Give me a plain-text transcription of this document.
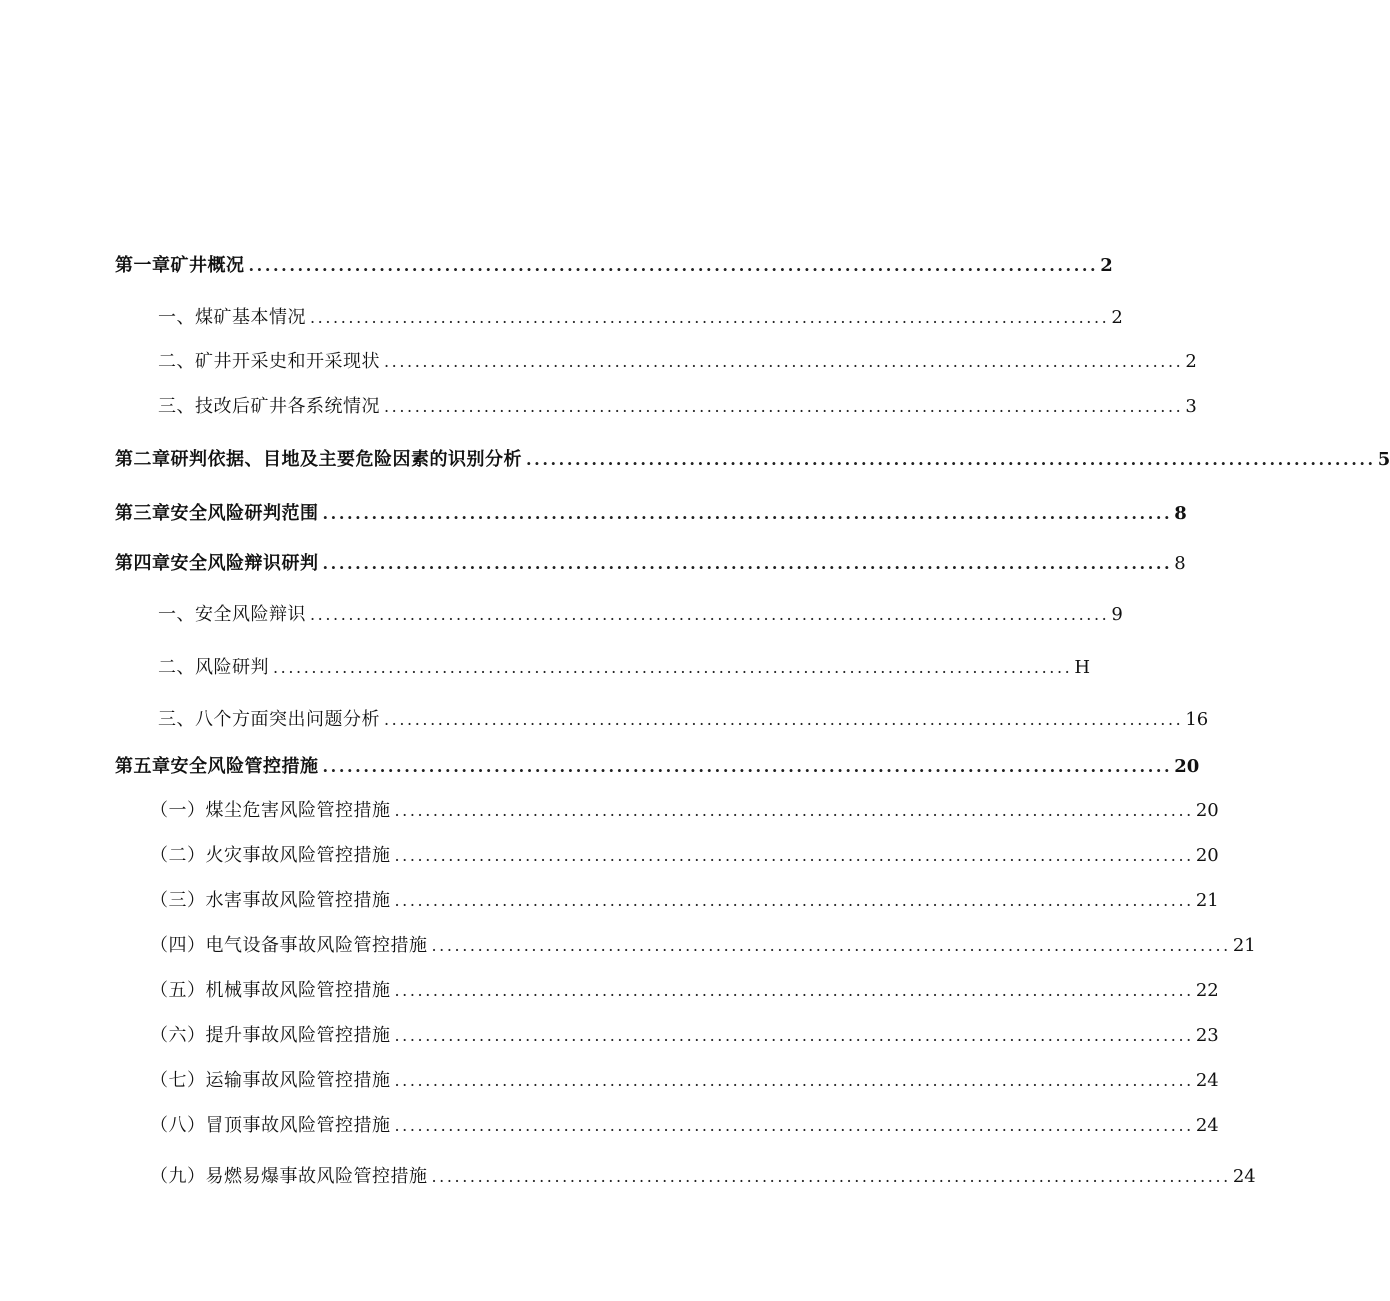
第一章矿井概况 ........................................................................................................ 2
一、煤矿基本情况 ........................................................................................................ 2
二、矿井开采史和开采现状 ........................................................................................................ 2
三、技改后矿井各系统情况 ........................................................................................................ 3
第二章研判依据、目地及主要危险因素的识别分析 ........................................................................................................ 5
第三章安全风险研判范围 ........................................................................................................ 8
第四章安全风险辩识研判 ........................................................................................................ 8
一、安全风险辩识 ........................................................................................................ 9
二、风险研判 ........................................................................................................ H
三、八个方面突出问题分析 ........................................................................................................ 16
第五章安全风险管控措施 ........................................................................................................ 20
（一）煤尘危害风险管控措施 ........................................................................................................ 20
（二）火灾事故风险管控措施 ........................................................................................................ 20
（三）水害事故风险管控措施 ........................................................................................................ 21
（四）电气设备事故风险管控措施 ........................................................................................................ 21
（五）机械事故风险管控措施 ........................................................................................................ 22
（六）提升事故风险管控措施 ........................................................................................................ 23
（七）运输事故风险管控措施 ........................................................................................................ 24
（八）冒顶事故风险管控措施 ........................................................................................................ 24
（九）易燃易爆事故风险管控措施 ........................................................................................................ 24
